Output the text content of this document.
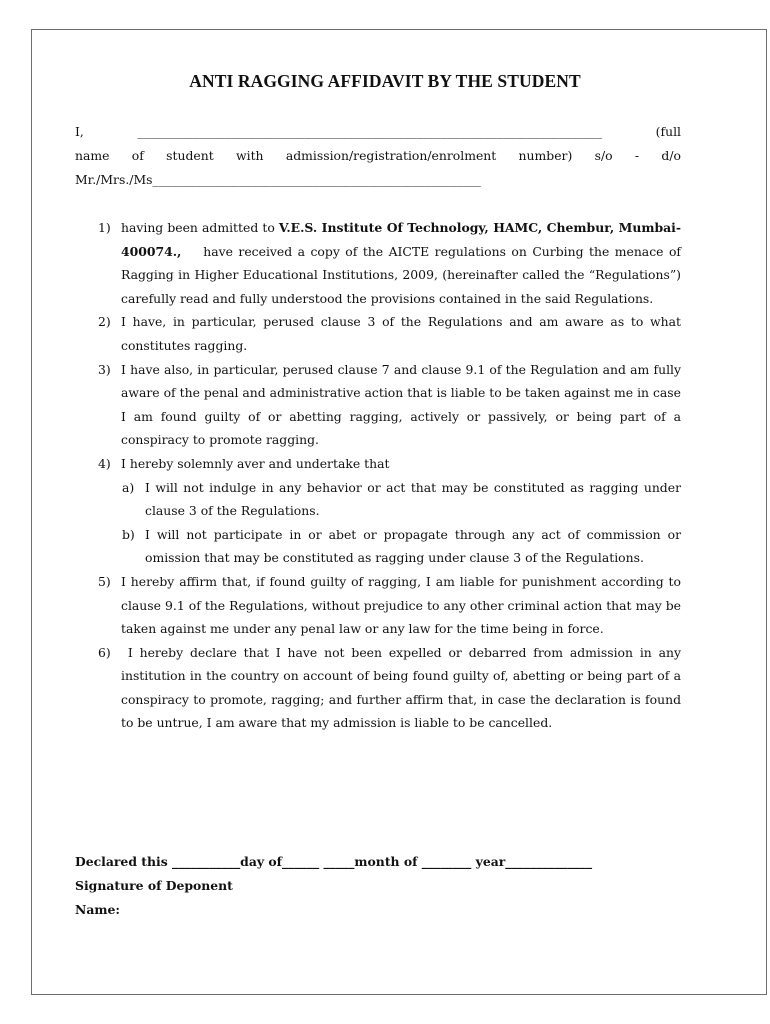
ANTI RAGGING AFFIDAVIT BY THE STUDENT
I, ___________________________________________________________________________ (full
name of student with admission/registration/enrolment number) s/o - d/o
Mr./Mrs./Ms_____________________________________________________
1) having been admitted to V.E.S. Institute Of Technology, HAMC, Chembur, Mumbai-400074.,    have received a copy of the AICTE regulations on Curbing the menace of Ragging in Higher Educational Institutions, 2009, (hereinafter called the “Regulations”) carefully read and fully understood the provisions contained in the said Regulations.
2) I have, in particular, perused clause 3 of the Regulations and am aware as to what constitutes ragging.
3) I have also, in particular, perused clause 7 and clause 9.1 of the Regulation and am fully aware of the penal and administrative action that is liable to be taken against me in case I am found guilty of or abetting ragging, actively or passively, or being part of a conspiracy to promote ragging.
4) I hereby solemnly aver and undertake that
a) I will not indulge in any behavior or act that may be constituted as ragging under clause 3 of the Regulations.
b) I will not participate in or abet or propagate through any act of commission or omission that may be constituted as ragging under clause 3 of the Regulations.
5) I hereby affirm that, if found guilty of ragging, I am liable for punishment according to clause 9.1 of the Regulations, without prejudice to any other criminal action that may be taken against me under any penal law or any law for the time being in force.
6) I hereby declare that I have not been expelled or debarred from admission in any institution in the country on account of being found guilty of, abetting or being part of a conspiracy to promote, ragging; and further affirm that, in case the declaration is found to be untrue, I am aware that my admission is liable to be cancelled.
Declared this ___________day of______ _____month of ________ year______________
Signature of Deponent
Name:
